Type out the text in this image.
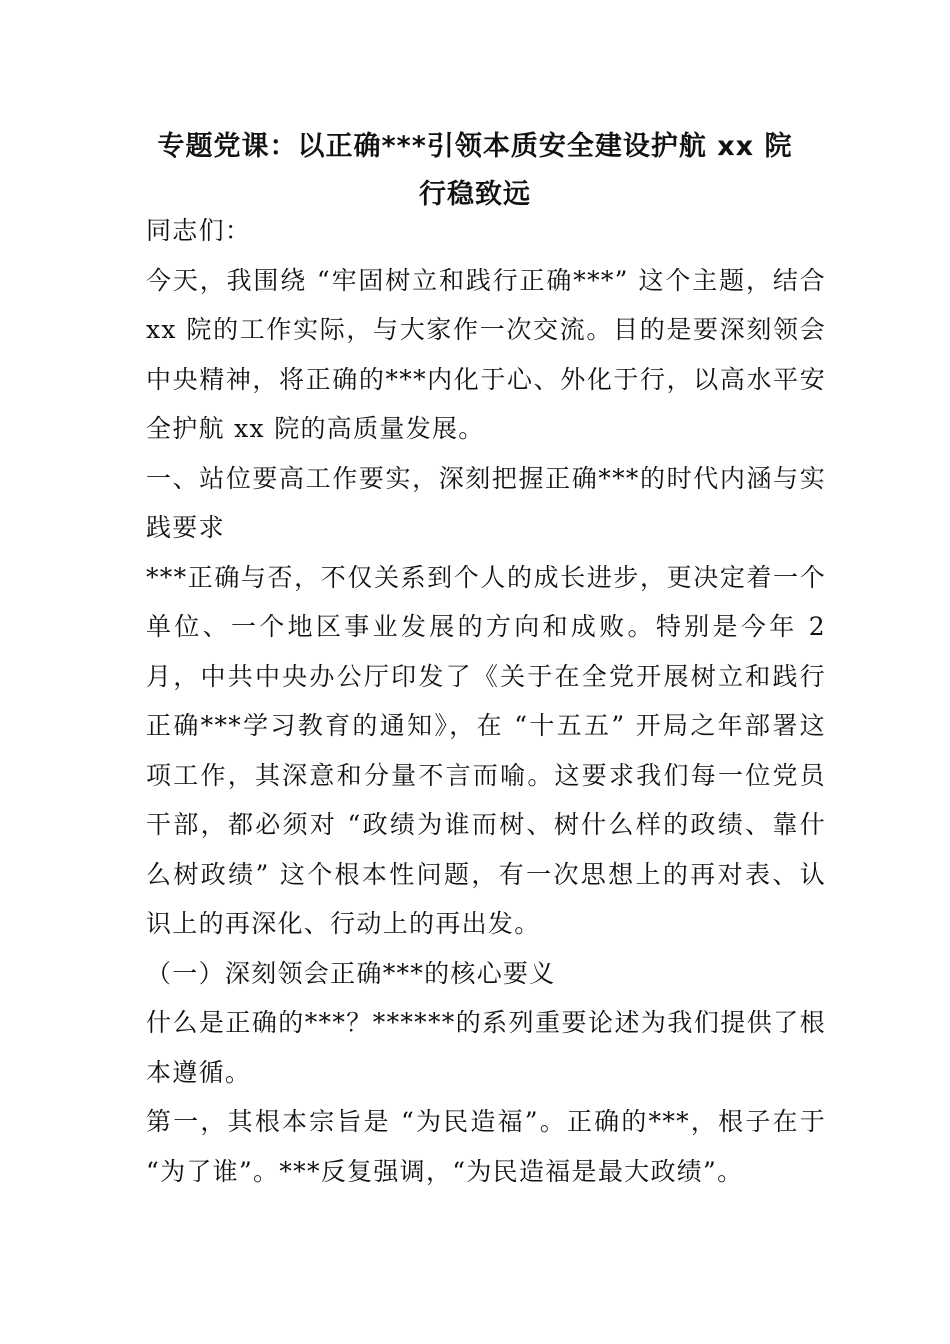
专题党课：以正确***引领本质安全建设护航 xx 院
行稳致远

同志们：

今天，我围绕 “牢固树立和践行正确***” 这个主题，结合 xx 院的工作实际，与大家作一次交流。目的是要深刻领会中央精神，将正确的***内化于心、外化于行，以高水平安全护航 xx 院的高质量发展。

一、站位要高工作要实，深刻把握正确***的时代内涵与实践要求

***正确与否，不仅关系到个人的成长进步，更决定着一个单位、一个地区事业发展的方向和成败。特别是今年 2 月，中共中央办公厅印发了《关于在全党开展树立和践行正确***学习教育的通知》，在 “十五五” 开局之年部署这项工作，其深意和分量不言而喻。这要求我们每一位党员干部，都必须对 “政绩为谁而树、树什么样的政绩、靠什么树政绩” 这个根本性问题，有一次思想上的再对表、认识上的再深化、行动上的再出发。

（一）深刻领会正确***的核心要义

什么是正确的***？******的系列重要论述为我们提供了根本遵循。

第一，其根本宗旨是 “为民造福”。正确的***，根子在于 “为了谁”。***反复强调，“为民造福是最大政绩”。
